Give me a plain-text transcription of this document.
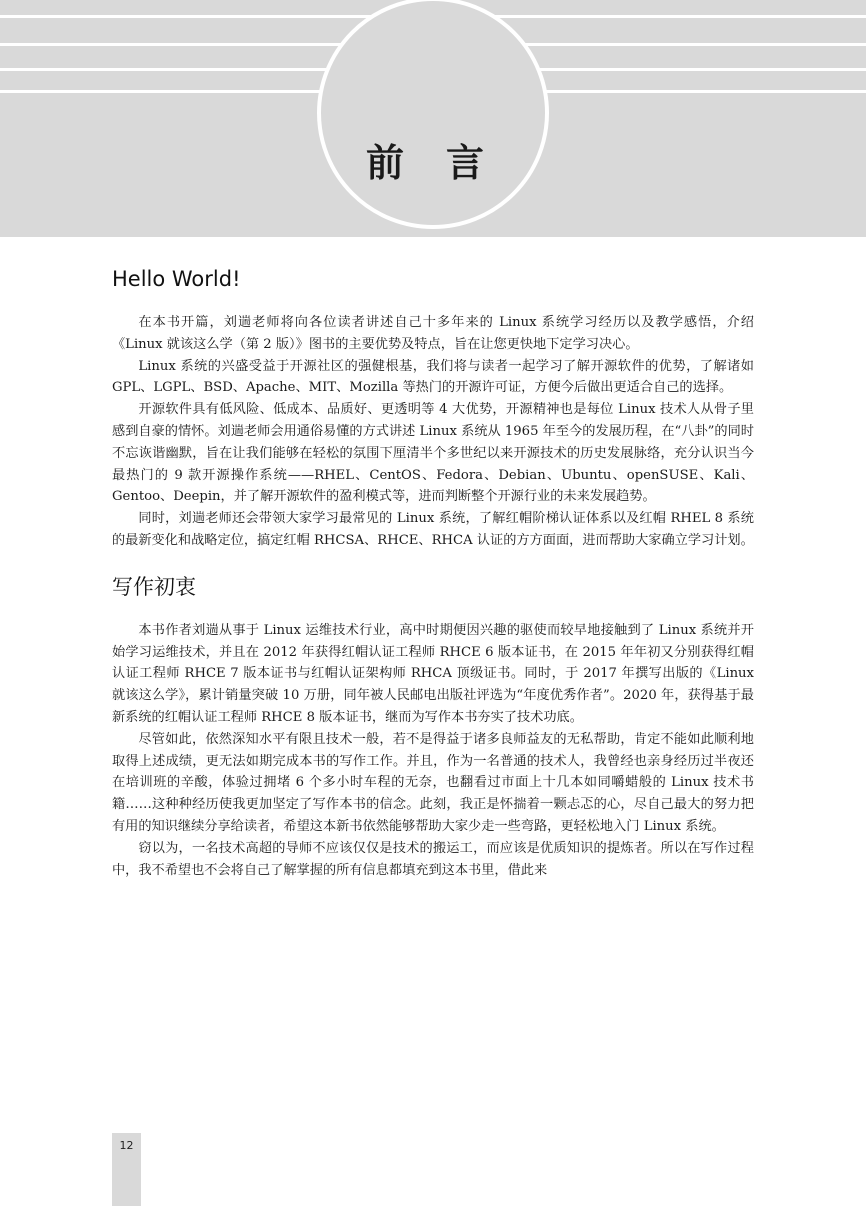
前言
Hello World!

在本书开篇，刘遄老师将向各位读者讲述自己十多年来的 Linux 系统学习经历以及教学感悟，介绍《Linux 就该这么学（第 2 版）》图书的主要优势及特点，旨在让您更快地下定学习决心。

Linux 系统的兴盛受益于开源社区的强健根基，我们将与读者一起学习了解开源软件的优势，了解诸如 GPL、LGPL、BSD、Apache、MIT、Mozilla 等热门的开源许可证，方便今后做出更适合自己的选择。

开源软件具有低风险、低成本、品质好、更透明等 4 大优势，开源精神也是每位 Linux 技术人从骨子里感到自豪的情怀。刘遄老师会用通俗易懂的方式讲述 Linux 系统从 1965 年至今的发展历程，在“八卦”的同时不忘诙谐幽默，旨在让我们能够在轻松的氛围下厘清半个多世纪以来开源技术的历史发展脉络，充分认识当今最热门的 9 款开源操作系统——RHEL、CentOS、Fedora、Debian、Ubuntu、openSUSE、Kali、Gentoo、Deepin，并了解开源软件的盈利模式等，进而判断整个开源行业的未来发展趋势。

同时，刘遄老师还会带领大家学习最常见的 Linux 系统，了解红帽阶梯认证体系以及红帽 RHEL 8 系统的最新变化和战略定位，搞定红帽 RHCSA、RHCE、RHCA 认证的方方面面，进而帮助大家确立学习计划。

写作初衷

本书作者刘遄从事于 Linux 运维技术行业，高中时期便因兴趣的驱使而较早地接触到了 Linux 系统并开始学习运维技术，并且在 2012 年获得红帽认证工程师 RHCE 6 版本证书，在 2015 年年初又分别获得红帽认证工程师 RHCE 7 版本证书与红帽认证架构师 RHCA 顶级证书。同时，于 2017 年撰写出版的《Linux 就该这么学》，累计销量突破 10 万册，同年被人民邮电出版社评选为“年度优秀作者”。2020 年，获得基于最新系统的红帽认证工程师 RHCE 8 版本证书，继而为写作本书夯实了技术功底。

尽管如此，依然深知水平有限且技术一般，若不是得益于诸多良师益友的无私帮助，肯定不能如此顺利地取得上述成绩，更无法如期完成本书的写作工作。并且，作为一名普通的技术人，我曾经也亲身经历过半夜还在培训班的辛酸，体验过拥堵 6 个多小时车程的无奈，也翻看过市面上十几本如同嚼蜡般的 Linux 技术书籍……这种种经历使我更加坚定了写作本书的信念。此刻，我正是怀揣着一颗忐忑的心，尽自己最大的努力把有用的知识继续分享给读者，希望这本新书依然能够帮助大家少走一些弯路，更轻松地入门 Linux 系统。

窃以为，一名技术高超的导师不应该仅仅是技术的搬运工，而应该是优质知识的提炼者。所以在写作过程中，我不希望也不会将自己了解掌握的所有信息都填充到这本书里，借此来

12
